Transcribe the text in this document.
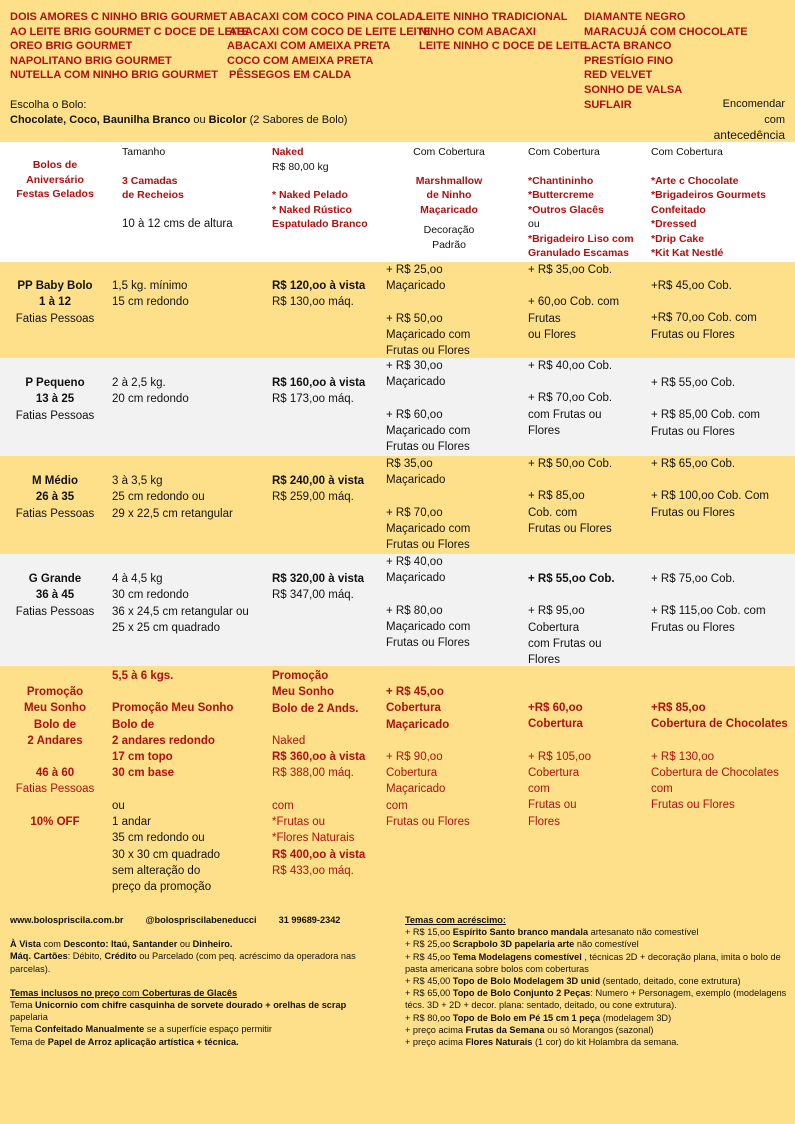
DOIS AMORES C NINHO BRIG GOURMET
AO LEITE BRIG GOURMET C DOCE DE LEITE
OREO BRIG GOURMET
NAPOLITANO BRIG GOURMET
NUTELLA COM NINHO BRIG GOURMET
ABACAXI COM COCO PINA COLADA
ABACAXI COM COCO DE LEITE LEITE
ABACAXI COM AMEIXA PRETA
COCO COM AMEIXA PRETA
PÊSSEGOS EM CALDA
LEITE NINHO TRADICIONAL
NINHO COM ABACAXI
LEITE NINHO C DOCE DE LEITE
DIAMANTE NEGRO
MARACUJÁ COM CHOCOLATE
LACTA BRANCO
PRESTÍGIO FINO
RED VELVET
SONHO DE VALSA
SUFLAIR
Escolha o Bolo:
Chocolate, Coco, Baunilha Branco ou Bicolor (2 Sabores de Bolo)
Encomendar
com
antecedência
Bolos de
Aniversário
Festas Gelados
Tamanho
3 Camadas
de Recheios
10 à 12 cms de altura
Naked
R$ 80,00 kg
* Naked Pelado
* Naked Rústico
Espatulado Branco
Com Cobertura
Marshmallow
de Ninho
Maçaricado
Decoração
Padrão
Com Cobertura
*Chantininho
*Buttercreme
*Outros Glacês
ou
*Brigadeiro Liso com
Granulado Escamas
Com Cobertura
*Arte c Chocolate
*Brigadeiros Gourmets
Confeitado
*Dressed
*Drip Cake
*Kit Kat Nestlé
PP Baby Bolo
1 à 12
Fatias Pessoas
1,5 kg. mínimo
15 cm redondo
R$ 120,oo à vista
R$ 130,oo máq.
+ R$ 25,oo
Maçaricado
+ R$ 50,oo
Maçaricado com
Frutas ou Flores
+ R$ 35,oo Cob.
+ 60,oo Cob. com
Frutas
ou Flores
+R$ 45,oo Cob.
+R$ 70,oo Cob. com
Frutas ou Flores
P Pequeno
13 à 25
Fatias Pessoas
2 à 2,5 kg.
20 cm redondo
R$ 160,oo à vista
R$ 173,oo máq.
+ R$ 30,oo
Maçaricado
+ R$ 60,oo
Maçaricado com
Frutas ou Flores
+ R$ 40,oo Cob.
+ R$ 70,oo Cob.
com Frutas ou
Flores
+ R$ 55,oo Cob.
+ R$ 85,00 Cob. com
Frutas ou Flores
M Médio
26 à 35
Fatias Pessoas
3 à 3,5 kg
25 cm redondo ou
29 x 22,5 cm retangular
R$ 240,00 à vista
R$ 259,00 máq.
R$ 35,oo
Maçaricado
+ R$ 70,oo
Maçaricado com
Frutas ou Flores
+ R$ 50,oo Cob.
+ R$ 85,oo
Cob. com
Frutas ou Flores
+ R$ 65,oo Cob.
+ R$ 100,oo Cob. Com
Frutas ou Flores
G Grande
36 à 45
Fatias Pessoas
4 à 4,5 kg
30 cm redondo
36 x 24,5 cm retangular ou
25 x 25 cm quadrado
R$ 320,00 à vista
R$ 347,00 máq.
+ R$ 40,oo
Maçaricado
+ R$ 80,oo
Maçaricado com
Frutas ou Flores
+ R$ 55,oo Cob.
+ R$ 95,oo
Cobertura
com Frutas ou
Flores
+ R$ 75,oo Cob.
+ R$ 115,oo Cob. com
Frutas ou Flores
Promoção
Meu Sonho
Bolo de
2 Andares
46 à 60
Fatias Pessoas
10% OFF
5,5 à 6 kgs.
Promoção Meu Sonho
Bolo de
2 andares redondo
17 cm topo
30 cm base
ou
1 andar
35 cm redondo ou
30 x 30 cm quadrado
sem alteração do
preço da promoção
Promoção
Meu Sonho
Bolo de 2 Ands.
Naked
R$ 360,oo à vista
R$ 388,00 máq.
com
*Frutas ou
*Flores Naturais
R$ 400,oo à vista
R$ 433,oo máq.
+ R$ 45,oo
Cobertura
Maçaricado
+ R$ 90,oo
Cobertura
Maçaricado
com
Frutas ou Flores
+R$ 60,oo
Cobertura
+ R$ 105,oo
Cobertura
com
Frutas ou
Flores
+R$ 85,oo
Cobertura de Chocolates
+ R$ 130,oo
Cobertura de Chocolates
com
Frutas ou Flores
www.bolospriscila.com.br @bolospriscilabeneducci 31 99689-2342
À Vista com Desconto: Itaú, Santander ou Dinheiro.
Máq. Cartões: Débito, Crédito ou Parcelado (com peq. acréscimo da operadora nas parcelas).
Temas inclusos no preço com Coberturas de Glacês
Tema Unicornio com chifre casquinha de sorvete dourado + orelhas de scrap
papelaria
Tema Confeitado Manualmente se a superfície espaço permitir
Tema de Papel de Arroz aplicação artística + técnica.
Temas com acréscimo:
+ R$ 15,oo Espírito Santo branco mandala artesanato não comestível
+ R$ 25,oo Scrapbolo 3D papelaria arte não comestível
+ R$ 45,oo Tema Modelagens comestível , técnicas 2D + decoração plana, imita o bolo de pasta americana sobre bolos com coberturas
+ R$ 45,00 Topo de Bolo Modelagem 3D unid (sentado, deitado, cone extrutura)
+ R$ 65,00 Topo de Bolo Conjunto 2 Peças: Numero + Personagem, exemplo (modelagens técs. 3D + 2D + decor. plana: sentado, deitado, ou cone extrutura).
+ R$ 80,oo Topo de Bolo em Pé 15 cm 1 peça (modelagem 3D)
+ preço acima Frutas da Semana ou só Morangos (sazonal)
+ preço acima Flores Naturais (1 cor) do kit Holambra da semana.
